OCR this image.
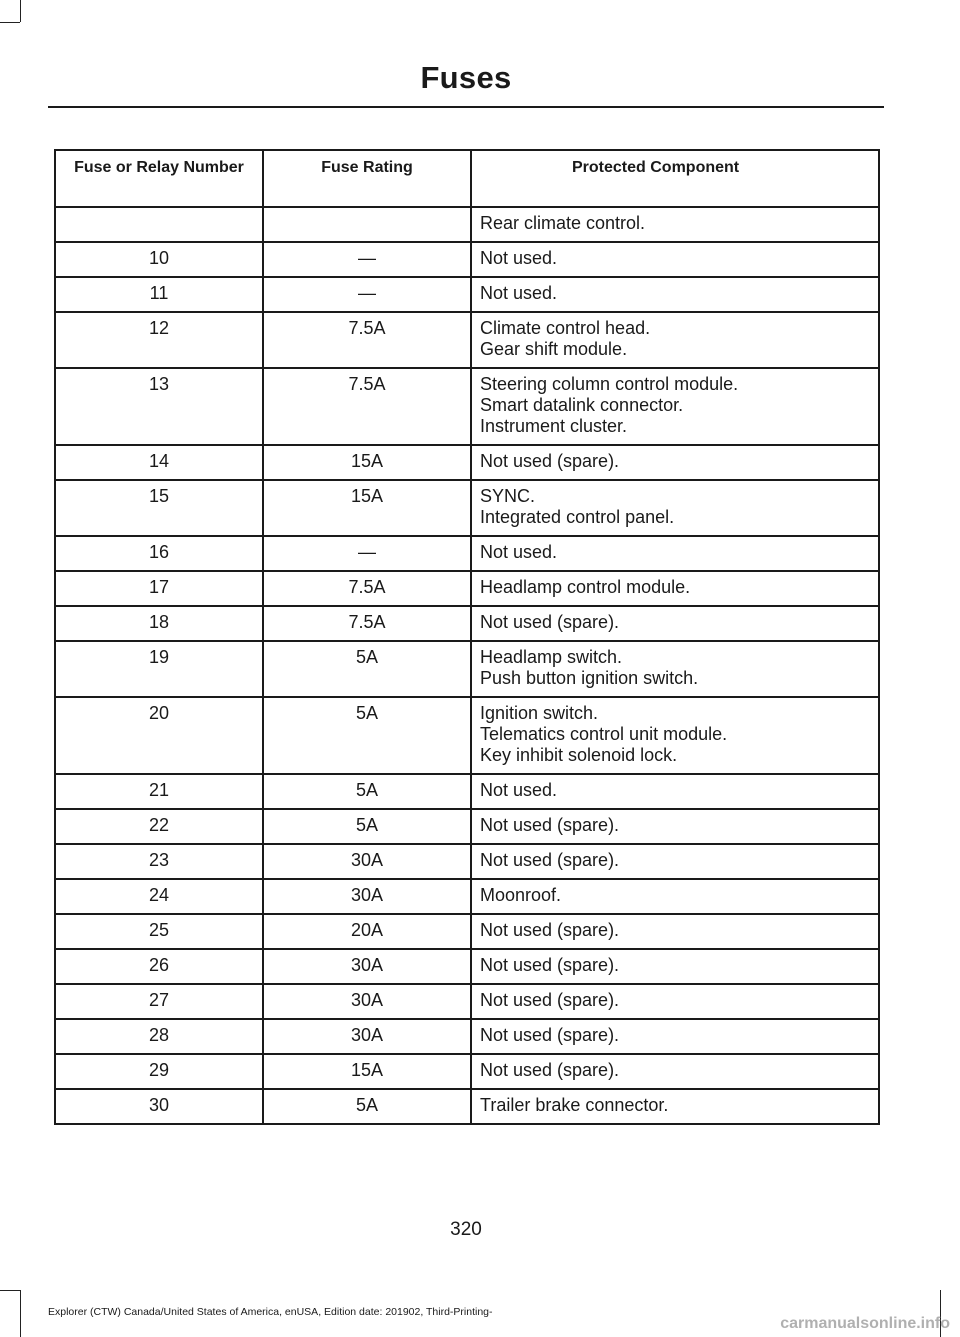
Fuses
Fuse or Relay Number	Fuse Rating	Protected Component

		Rear climate control.

10	—	Not used.

11	—	Not used.

12	7.5A	Climate control head.
Gear shift module.

13	7.5A	Steering column control module.
Smart datalink connector.
Instrument cluster.

14	15A	Not used (spare).

15	15A	SYNC.
Integrated control panel.

16	—	Not used.

17	7.5A	Headlamp control module.

18	7.5A	Not used (spare).

19	5A	Headlamp switch.
Push button ignition switch.

20	5A	Ignition switch.
Telematics control unit module.
Key inhibit solenoid lock.

21	5A	Not used.

22	5A	Not used (spare).

23	30A	Not used (spare).

24	30A	Moonroof.

25	20A	Not used (spare).

26	30A	Not used (spare).

27	30A	Not used (spare).

28	30A	Not used (spare).

29	15A	Not used (spare).

30	5A	Trailer brake connector.
320
Explorer (CTW) Canada/United States of America, enUSA, Edition date: 201902, Third-Printing-
carmanualsonline.info
